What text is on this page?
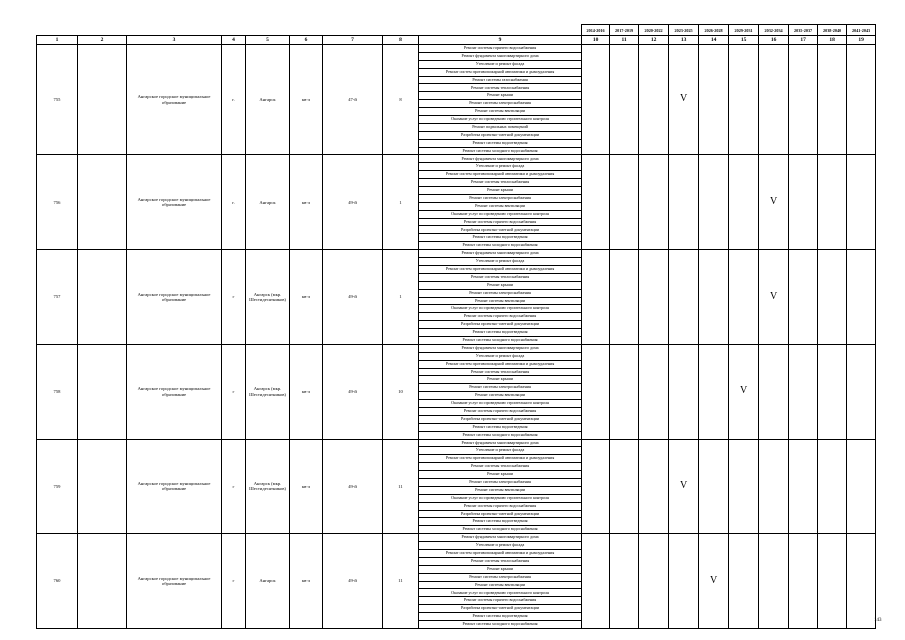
									2014-2016	2017-2019	2020-2022	2023-2025	2026-2028	2029-2031	2032-2034	2035-2037	2038-2040	2041-2043
1	2	3	4	5	6	7	8	9	10	11	12	13	14	15	16	17	18	19
755		Ангарское городское муниципальное образование	г.	Ангарск	кв-л	47-й	8	Ремонт системы горячего водоснабжения				V						
								Ремонт фундамента многоквартирного дома										
								Утепление и ремонт фасада										
								Ремонт систем противопожарной автоматики и дымоудаления										
								Ремонт системы газоснабжения										
								Ремонт системы теплоснабжения										
								Ремонт крыши										
								Ремонт системы электроснабжения										
								Ремонт системы вентиляции										
								Оказание услуг по проведению строительного контроля										
								Ремонт подвальных помещений										
								Разработка проектно-сметной документации										
								Ремонт системы водоотведения										
								Ремонт системы холодного водоснабжения										
756		Ангарское городское муниципальное образование	г.	Ангарск	кв-л	49-й	1	Ремонт фундамента многоквартирного дома							V			
								Утепление и ремонт фасада										
								Ремонт систем противопожарной автоматики и дымоудаления										
								Ремонт системы теплоснабжения										
								Ремонт крыши										
								Ремонт системы электроснабжения										
								Ремонт системы вентиляции										
								Оказание услуг по проведению строительного контроля										
								Ремонт системы горячего водоснабжения										
								Разработка проектно-сметной документации										
								Ремонт системы водоотведения										
								Ремонт системы холодного водоснабжения										
757		Ангарское городское муниципальное образование	г	Ангарск (мкр. Шестидесятников)	кв-л	49-й	1	Ремонт фундамента многоквартирного дома							V			
								Утепление и ремонт фасада										
								Ремонт систем противопожарной автоматики и дымоудаления										
								Ремонт системы теплоснабжения										
								Ремонт крыши										
								Ремонт системы электроснабжения										
								Ремонт системы вентиляции										
								Оказание услуг по проведению строительного контроля										
								Ремонт системы горячего водоснабжения										
								Разработка проектно-сметной документации										
								Ремонт системы водоотведения										
								Ремонт системы холодного водоснабжения										
758		Ангарское городское муниципальное образование	г	Ангарск (мкр. Шестидесятников)	кв-л	49-й	10	Ремонт фундамента многоквартирного дома						V				
								Утепление и ремонт фасада										
								Ремонт систем противопожарной автоматики и дымоудаления										
								Ремонт системы теплоснабжения										
								Ремонт крыши										
								Ремонт системы электроснабжения										
								Ремонт системы вентиляции										
								Оказание услуг по проведению строительного контроля										
								Ремонт системы горячего водоснабжения										
								Разработка проектно-сметной документации										
								Ремонт системы водоотведения										
								Ремонт системы холодного водоснабжения										
759		Ангарское городское муниципальное образование	г	Ангарск (мкр. Шестидесятников)	кв-л	49-й	11	Ремонт фундамента многоквартирного дома				V						
								Утепление и ремонт фасада										
								Ремонт систем противопожарной автоматики и дымоудаления										
								Ремонт системы теплоснабжения										
								Ремонт крыши										
								Ремонт системы электроснабжения										
								Ремонт системы вентиляции										
								Оказание услуг по проведению строительного контроля										
								Ремонт системы горячего водоснабжения										
								Разработка проектно-сметной документации										
								Ремонт системы водоотведения										
								Ремонт системы холодного водоснабжения										
760		Ангарское городское муниципальное образование	г	Ангарск	кв-л	49-й	11	Ремонт фундамента многоквартирного дома					V					
								Утепление и ремонт фасада										
								Ремонт систем противопожарной автоматики и дымоудаления										
								Ремонт системы теплоснабжения										
								Ремонт крыши										
								Ремонт системы электроснабжения										
								Ремонт системы вентиляции										
								Оказание услуг по проведению строительного контроля										
								Ремонт системы горячего водоснабжения										
								Разработка проектно-сметной документации										
								Ремонт системы водоотведения										
								Ремонт системы холодного водоснабжения										
143
